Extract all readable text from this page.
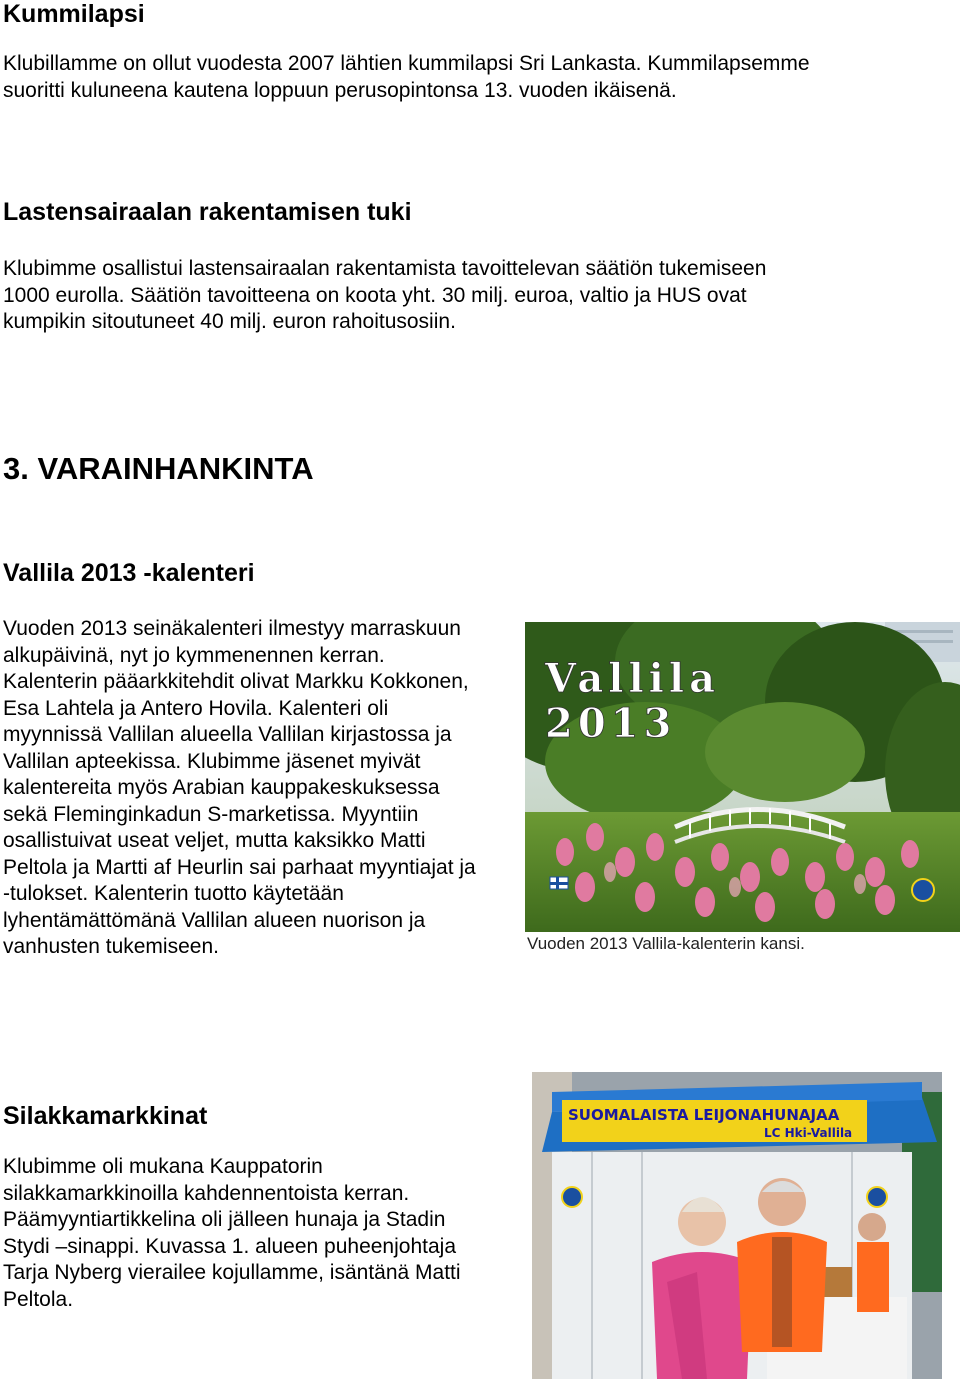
Kummilapsi

Klubillamme on ollut vuodesta 2007 lähtien kummilapsi Sri Lankasta. Kummilapsemme

suoritti kuluneena kautena loppuun perusopintonsa 13. vuoden ikäisenä.

Lastensairaalan rakentamisen tuki

Klubimme osallistui lastensairaalan rakentamista tavoittelevan säätiön tukemiseen

1000 eurolla. Säätiön tavoitteena on koota yht. 30 milj. euroa, valtio ja HUS ovat

kumpikin sitoutuneet 40 milj. euron rahoitusosiin.

3. VARAINHANKINTA
Vallila 2013 -kalenteri

Vuoden 2013 seinäkalenteri ilmestyy marraskuun

alkupäivinä, nyt jo kymmenennen kerran.

Kalenterin pääarkkitehdit olivat Markku Kokkonen,

Esa Lahtela ja Antero Hovila. Kalenteri oli

myynnissä Vallilan alueella Vallilan kirjastossa ja

Vallilan apteekissa. Klubimme jäsenet myivät

kalentereita myös Arabian kauppakeskuksessa

sekä Fleminginkadun S-marketissa. Myyntiin

osallistuivat useat veljet, mutta kaksikko Matti

Peltola ja Martti af Heurlin sai parhaat myyntiajat ja

-tulokset. Kalenterin tuotto käytetään

lyhentämättömänä Vallilan alueen nuorison ja

vanhusten tukemiseen.

Vallila
2013
Vuoden 2013 Vallila-kalenterin kansi.
Silakkamarkkinat

Klubimme oli mukana Kauppatorin

silakkamarkkinoilla kahdennentoista kerran.

Päämyyntiartikkelina oli jälleen hunaja ja Stadin

Stydi –sinappi. Kuvassa 1. alueen puheenjohtaja

Tarja Nyberg vierailee kojullamme, isäntänä Matti

Peltola.

SUOMALAISTA LEIJONAHUNAJAA
LC Hki-Vallila
